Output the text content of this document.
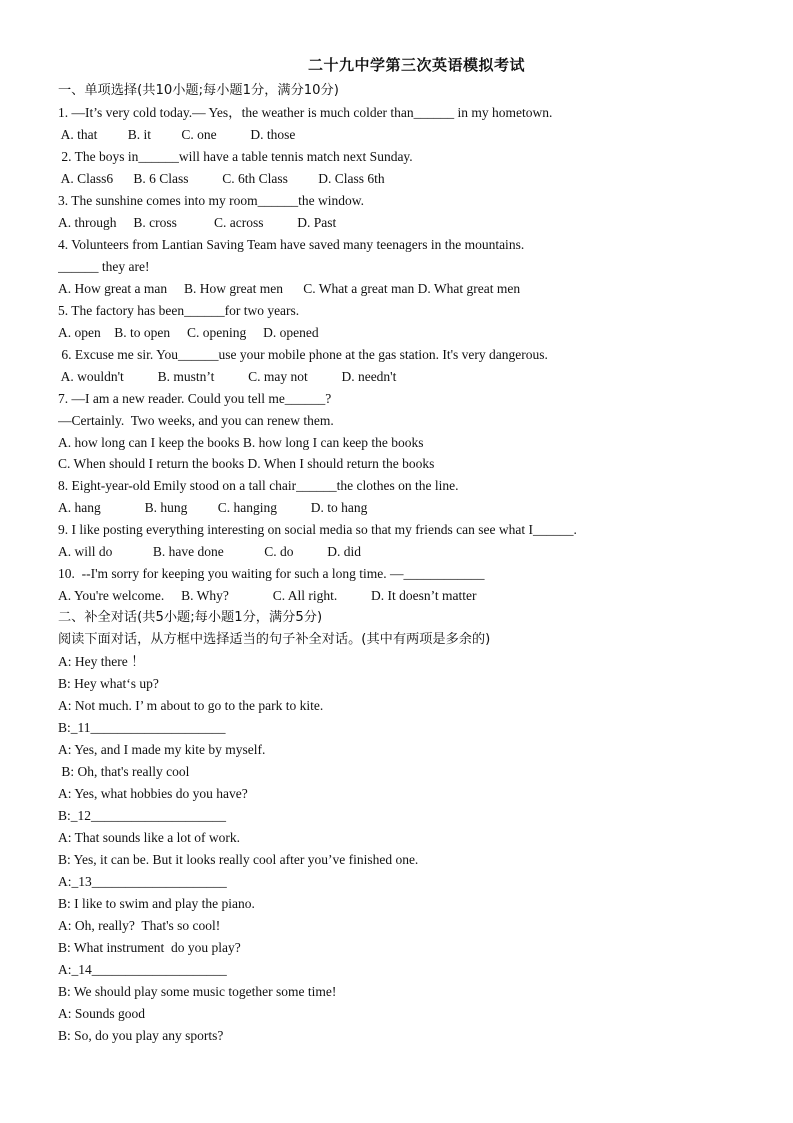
二十九中学第三次英语模拟考试
一、单项选择(共10小题;每小题1分，满分10分)
1. —It’s very cold today.— Yes，the weather is much colder than______ in my hometown.
A. that         B. it         C. one          D. those
2. The boys in______will have a table tennis match next Sunday.
A. Class6      B. 6 Class          C. 6th Class         D. Class 6th
3. The sunshine comes into my room______the window.
A. through     B. cross           C. across          D. Past
4. Volunteers from Lantian Saving Team have saved many teenagers in the mountains.
______ they are!
A. How great a man     B. How great men      C. What a great man D. What great men
5. The factory has been______for two years.
A. open    B. to open     C. opening     D. opened
6. Excuse me sir. You______use your mobile phone at the gas station. It's very dangerous.
A. wouldn't          B. mustn’t          C. may not          D. needn't
7. —I am a new reader. Could you tell me______?
—Certainly.  Two weeks, and you can renew them.
A. how long can I keep the books B. how long I can keep the books
C. When should I return the books D. When I should return the books
8. Eight-year-old Emily stood on a tall chair______the clothes on the line.
A. hang             B. hung         C. hanging          D. to hang
9. I like posting everything interesting on social media so that my friends can see what I______.
A. will do            B. have done            C. do          D. did
10.  --I'm sorry for keeping you waiting for such a long time. —____________
A. You're welcome.     B. Why?             C. All right.          D. It doesn’t matter
二、补全对话(共5小题;每小题1分，满分5分)
阅读下面对话，从方框中选择适当的句子补全对话。(其中有两项是多余的)
A: Hey there ！
B: Hey what‘s up?
A: Not much. I’ m about to go to the park to kite.
B:_11____________________
A: Yes, and I made my kite by myself.
B: Oh, that's really cool
A: Yes, what hobbies do you have?
B:_12____________________
A: That sounds like a lot of work.
B: Yes, it can be. But it looks really cool after you’ve finished one.
A:_13____________________
B: I like to swim and play the piano.
A: Oh, really?  That's so cool!
B: What instrument  do you play?
A:_14____________________
B: We should play some music together some time!
A: Sounds good
B: So, do you play any sports?
